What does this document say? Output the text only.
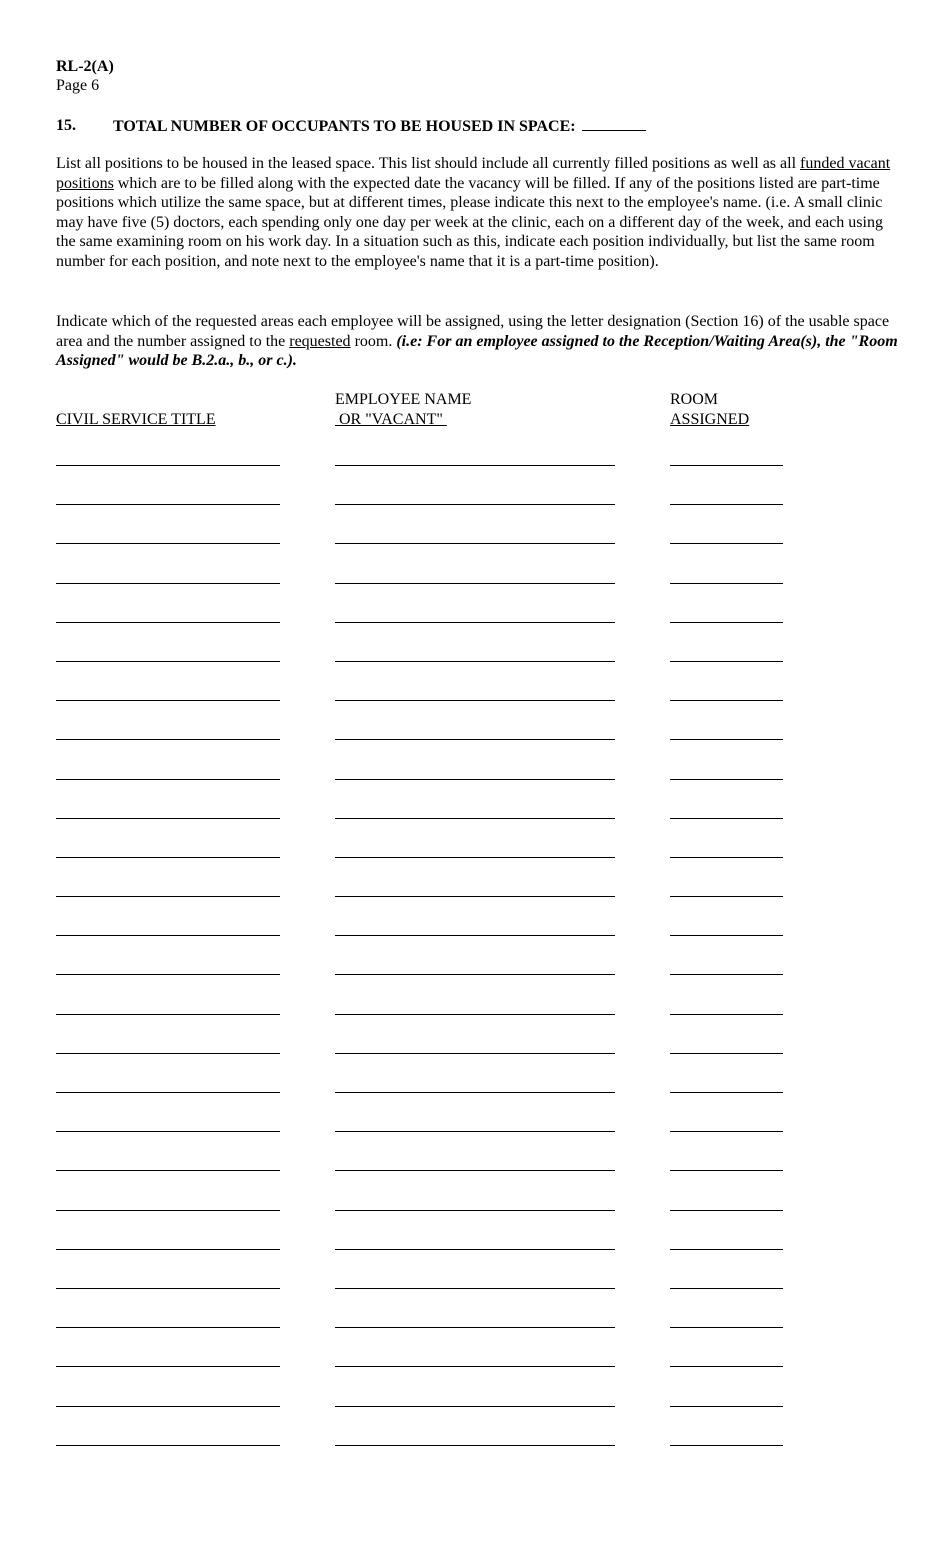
RL-2(A)
Page 6
15. TOTAL NUMBER OF OCCUPANTS TO BE HOUSED IN SPACE:

List all positions to be housed in the leased space. This list should include all currently filled positions as well as all funded vacant positions which are to be filled along with the expected date the vacancy will be filled. If any of the positions listed are part-time positions which utilize the same space, but at different times, please indicate this next to the employee's name. (i.e. A small clinic may have five (5) doctors, each spending only one day per week at the clinic, each on a different day of the week, and each using the same examining room on his work day. In a situation such as this, indicate each position individually, but list the same room number for each position, and note next to the employee's name that it is a part-time position).

Indicate which of the requested areas each employee will be assigned, using the letter designation (Section 16) of the usable space area and the number assigned to the requested room. (i.e: For an employee assigned to the Reception/Waiting Area(s), the "Room Assigned" would be B.2.a., b., or c.).

CIVIL SERVICE TITLE
EMPLOYEE NAME
OR "VACANT"
ROOM
ASSIGNED
